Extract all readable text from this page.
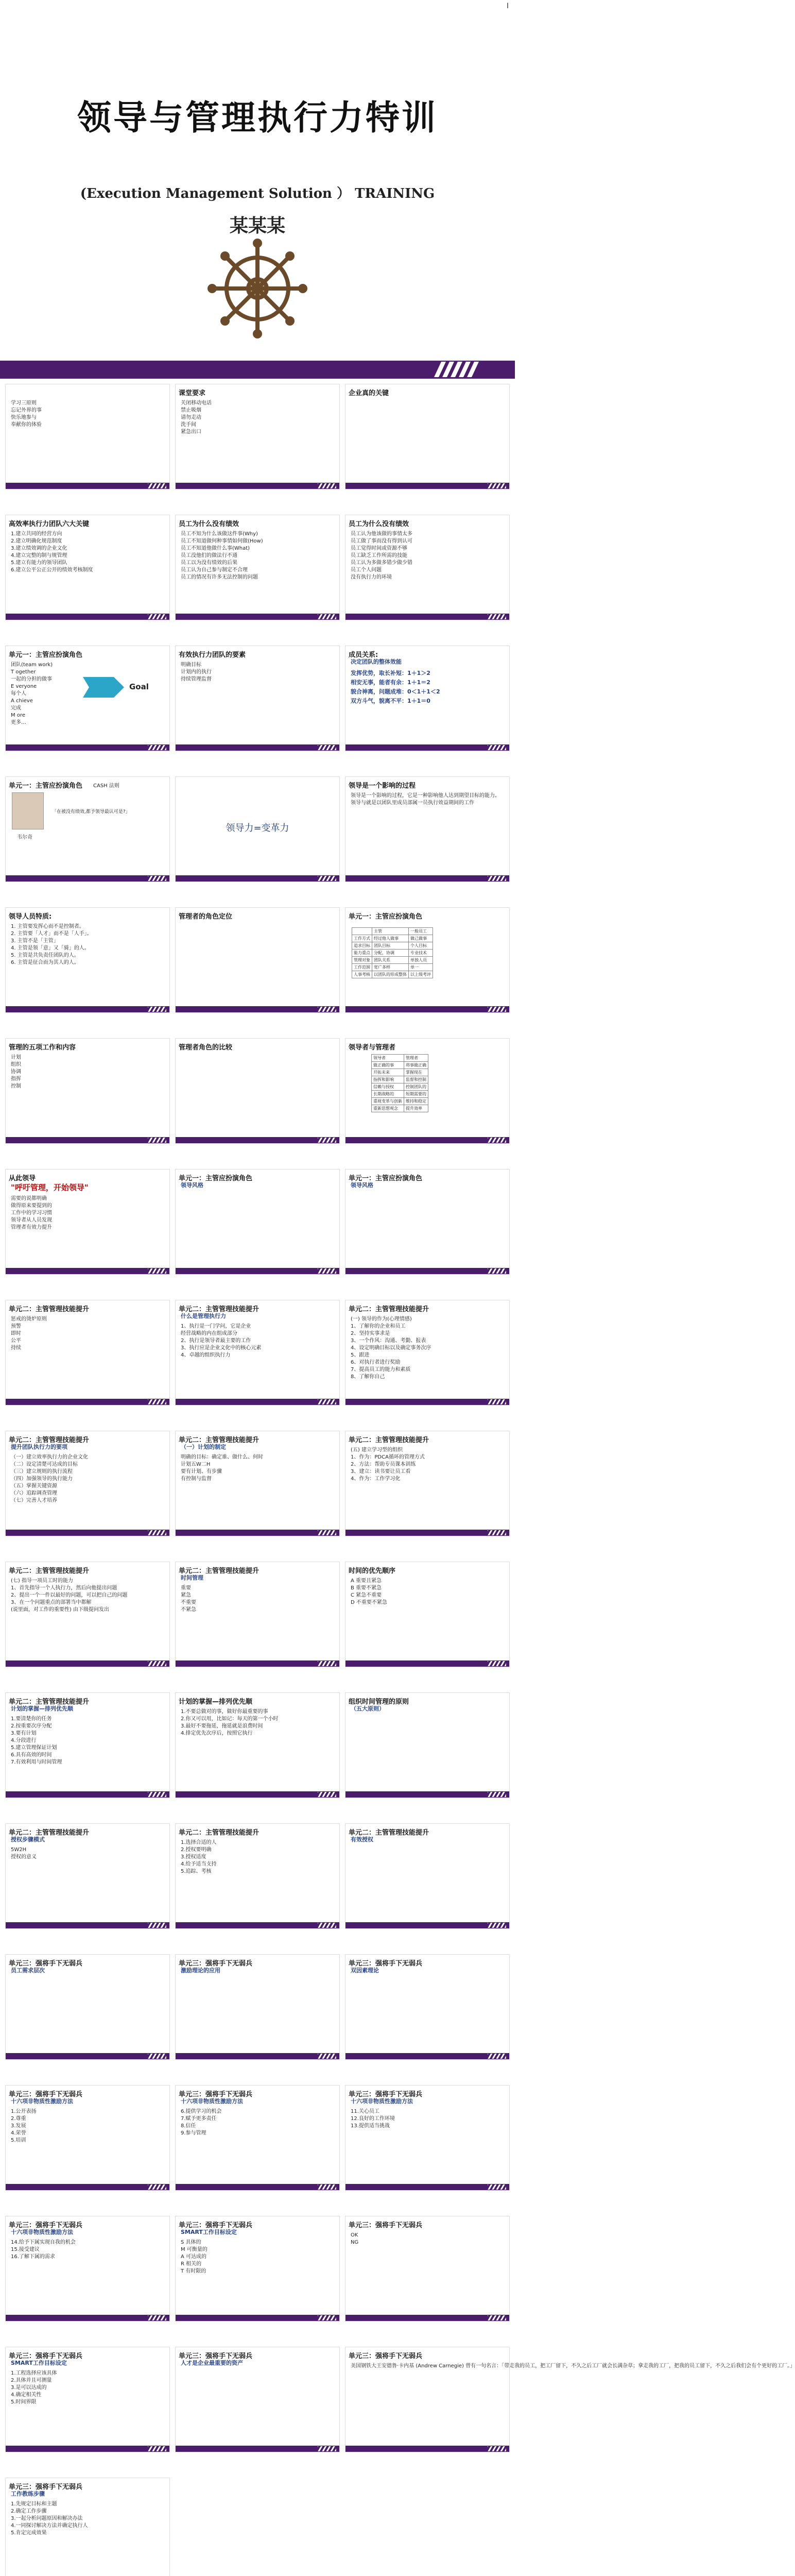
I
领导与管理执行力特训
(Execution Management Solution ） TRAINING
某某某
学习三原则
忘记外界的事
快乐地参与
奉献你的体验
课堂要求
关闭移动电话
禁止吸烟
请勿走动
洗手间
紧急出口
企业真的关键
高效率执行力团队六大关键
1.建立共同的经营方向
2.建立明确化规范制度
3.建立绩效调的企业文化
4.建立完整的制与规管理
5.建立有能力的领导团队
6.建立公平公正公开的绩效考核制度
员工为什么没有绩效
员工不知为什么该做这件事(Why)
员工不知道做何种事情如何做(How)
员工不知道他做什么事(What)
员工没他们的做法行不通
员工以为没有绩效的后果
员工认为自己参与制定不合理
员工的情况有许多无法控制的问题
员工为什么没有绩效
员工认为他该做的事情太多
员工做了事而没有得到认可
员工觉得时间或资源不够
员工缺乏工作所需的技能
员工认为多做多错少做少错
员工个人问题
没有执行力的环境
单元一：主管应扮演角色
Goal
团队(team work)
T ogether
一起的分担的做事
E veryone
每个人
A chieve
完成
M ore
更多…
有效执行力团队的要素
明确目标
计划内的执行
持续管理监督
成员关系:
决定团队的整体效能
发挥优势，取长补短：1＋1＞2
相安无事，能者有余：1＋1＝2
貌合神离，问题成堆：0＜1＋1＜2
双方斗气，貌离不平：1＋1＝0
单元一：主管应扮演角色 CASH 法则
「在被没有绩效,都予领导最认可是?」
韦尔奇
领导力=变革力
领导是一个影响的过程
领导是一个影响的过程，它是一种影响他人达到期望目标的能力。
领导与就是以团队里成员部属一员执行效益期间的工作
领导人员特质:
1. 主管要发挥心而不是控制者。
2. 主管要「人才」而不是「人手」。
3. 主管不是「主管」
4. 主管是领「意」又「骑」的人。
5. 主管是共负责任团队的人。
6. 主管是征合而为其人的人。
管理者的角色定位	单元一：主管应扮演角色
	主管	一般员工
工作方式	经过他人做事	做己做事
追求目标	团队目标	个人目标
能力重点	分配，协调	专业技术
管理对象	团队关系	单独人员
工作范围	宽广多样	单一
人事考核	以团队的形成整体	以上级考评
管理的五项工作和内容
计划
组织
协调
指挥
控制
管理者角色的比较	领导者与管理者
领导者	管理者
做正确的事	将事做正确
开拓未来	掌握现在
指挥和影响	监督和控制
信赖与授权	控制团队的
长期战略的	短期需要的
重视变革与创新	维持和稳定
重新思想观念	提升效率
从此领导
"呼吁管理，开始领导"
需要的说都明确
做得原来要提到的
工作中的学习习惯
领导者从人员发现
管理者有效力提升
单元一：主管应扮演角色
领导风格
单元一：主管应扮演角色
领导风格
单元二：主管管理技能提升
惩戒的烫炉原则
预警
即时
公平
持续
单元二：主管管理技能提升
什么是管理执行力
1、执行是一门学问，它是企业
经营战略的内在组成部分
2、执行是领导者最主要的工作
3、执行应是企业文化中的核心元素
4、卓越的组织执行力
单元二：主管管理技能提升
(一) 领导的作为(心理情感)
1、了解你的企业和员工
2、坚持实事求是
3、一个作风：沟通、考勤、报表
4、设定明确目标以及确定事务次序
5、跟进
6、对执行者进行奖励
7、提高员工的能力和素质
8、了解你自己
单元二：主管管理技能提升
提升团队执行力的要项
（一）建立效率执行力的企业文化
（二）设定清楚可达成的目标
（三）建立规则的执行流程
（四）加强领导的执行能力
（五）掌握关键资源
（六）追踪调查管理
（七）完善人才培养
单元二：主管管理技能提升
（一）计划的制定
明确的目标：确定谁、做什么、何时
计划五W二H
要有计划、有步骤
有控制与监督
单元二：主管管理技能提升
(五) 建立学习型的组织
1、作为：PDCA循环的管理方式
2、方法：帮助专员课本训练
3、建立：读书要让员工看
4、作为：工作学习化
单元二：主管管理技能提升
(七) 指导一项员工时的能力
1、首先指导一个人执行力，然后向他提出问题
2、提出一个一件以最好的问题，可以把自己的问题
3、在一个问题重点的部署当中都解
(说里面，对工作的重要性) 由下级提问发出
单元二：主管管理技能提升
时间管理
重要
紧急
不重要
不紧急
时间的优先顺序
A 重要且紧急
B 重要不紧急
C 紧急不重要
D 不重要不紧急
单元二：主管管理技能提升
计划的掌握—排列优先顺
1.要清楚你的任务
2.按重要次序分配
3.要有计划
4.分段进行
5.建立管理保证计划
6.具有高效的时间
7.有效利用与时间管理
计划的掌握—排列优先顺
1.不要总做对的事，做好你最重要的事
2.你又可以用，比如记：每天的第一个小时
3.最好不要拖延，拖延就是浪费时间
4.排定优先次序后，按照它执行
组织时间管理的原则
（五大原则）
单元二：主管管理技能提升
授权步骤模式
5W2H
授权的意义
单元二：主管管理技能提升
1.选择合适的人
2.授权要明确
3.授权适度
4.给予适当支持
5.追踪、考核
单元二：主管管理技能提升
有效授权
单元三：强将手下无弱兵
员工需求层次
单元三：强将手下无弱兵
激励理论的应用
单元三：强将手下无弱兵
双因素理论
单元三：强将手下无弱兵
十六项非物质性激励方法
1.公开表扬
2.尊重
3.发展
4.荣誉
5.培训
单元三：强将手下无弱兵
十六项非物质性激励方法
6.提供学习的机会
7.赋予更多责任
8.信任
9.参与管理
单元三：强将手下无弱兵
十六项非物质性激励方法
11.关心员工
12.良好的工作环境
13.提供适当挑战
单元三：强将手下无弱兵
十六项非物质性激励方法
14.给予下属实现自我的机会
15.接受建议
16.了解下属的需求
单元三：强将手下无弱兵
SMART工作目标设定
S 具体的
M 可衡量的
A 可达成的
R 相关的
T 有时限的
单元三：强将手下无弱兵
OK
NG
单元三：强将手下无弱兵
SMART工作目标设定
1.工程选择应该具体
2.具体并且可测量
3.是可以达成的
4.确定相关性
5.时间界限
单元三：强将手下无弱兵
人才是企业最重要的资产
单元三：强将手下无弱兵
美国钢铁大王安德鲁·卡内基 (Andrew Carnegie) 曾有一句名言：「带走我的员工，把工厂留下，不久之后工厂就会长满杂草；拿走我的工厂，把我的员工留下，不久之后我们会有个更好的工厂。」
单元三：强将手下无弱兵
工作教练步骤
1.先规定目标和主题
2.确定工作步骤
3.一起分析问题原因和解决办法
4.一同探讨解决方法并确定执行人
5.肯定完成效果
